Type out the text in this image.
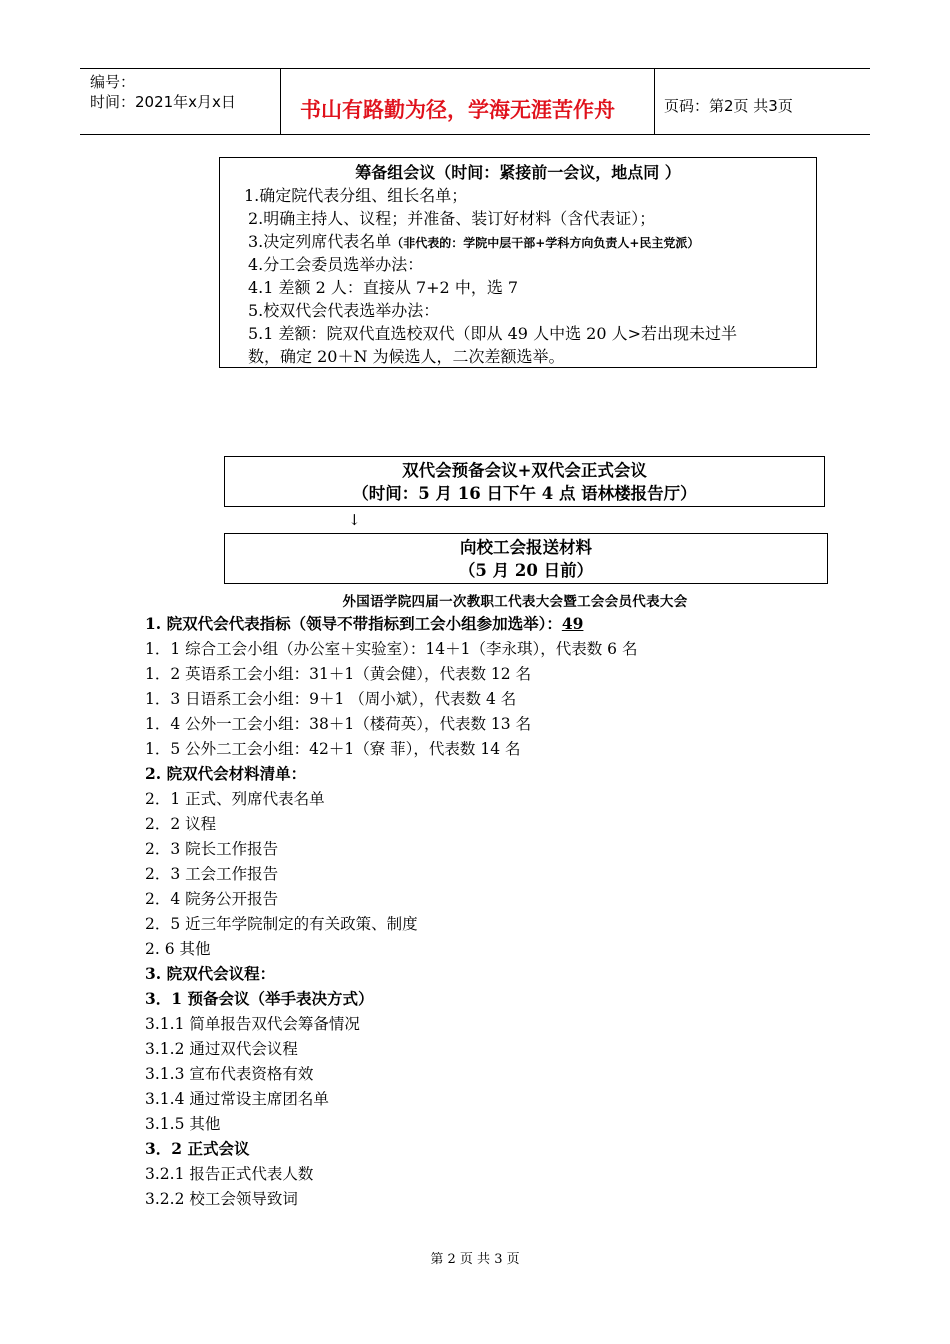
编号：
时间：2021年x月x日	书山有路勤为径，学海无涯苦作舟	页码：第2页 共3页
筹备组会议（时间：紧接前一会议，地点同 ）
1.确定院代表分组、组长名单；
2.明确主持人、议程；并准备、装订好材料（含代表证）；
3.决定列席代表名单（非代表的：学院中层干部+学科方向负责人+民主党派）
4.分工会委员选举办法：
4.1 差额 2 人：直接从 7+2 中，选 7
5.校双代会代表选举办法：
5.1 差额：院双代直选校双代（即从 49 人中选 20 人>若出现未过半
数，确定 20＋N 为候选人，二次差额选举。
双代会预备会议+双代会正式会议
（时间：5 月 16 日下午 4 点 语林楼报告厅）
↓
向校工会报送材料
（5 月 20 日前）
外国语学院四届一次教职工代表大会暨工会会员代表大会
1. 院双代会代表指标（领导不带指标到工会小组参加选举）：49
1．1 综合工会小组（办公室＋实验室）：14＋1（李永琪），代表数 6 名
1．2 英语系工会小组：31＋1（黄会健），代表数 12 名
1．3 日语系工会小组：9＋1 （周小斌），代表数 4 名
1．4 公外一工会小组：38＋1（楼荷英），代表数 13 名
1．5 公外二工会小组：42＋1（寮 菲），代表数 14 名
2. 院双代会材料清单：
2．1 正式、列席代表名单
2．2 议程
2．3 院长工作报告
2．3 工会工作报告
2．4 院务公开报告
2．5 近三年学院制定的有关政策、制度
2. 6 其他
3. 院双代会议程：
3．1 预备会议（举手表决方式）
3.1.1 简单报告双代会筹备情况
3.1.2 通过双代会议程
3.1.3 宣布代表资格有效
3.1.4 通过常设主席团名单
3.1.5 其他
3．2 正式会议
3.2.1 报告正式代表人数
3.2.2 校工会领导致词
第 2 页 共 3 页
